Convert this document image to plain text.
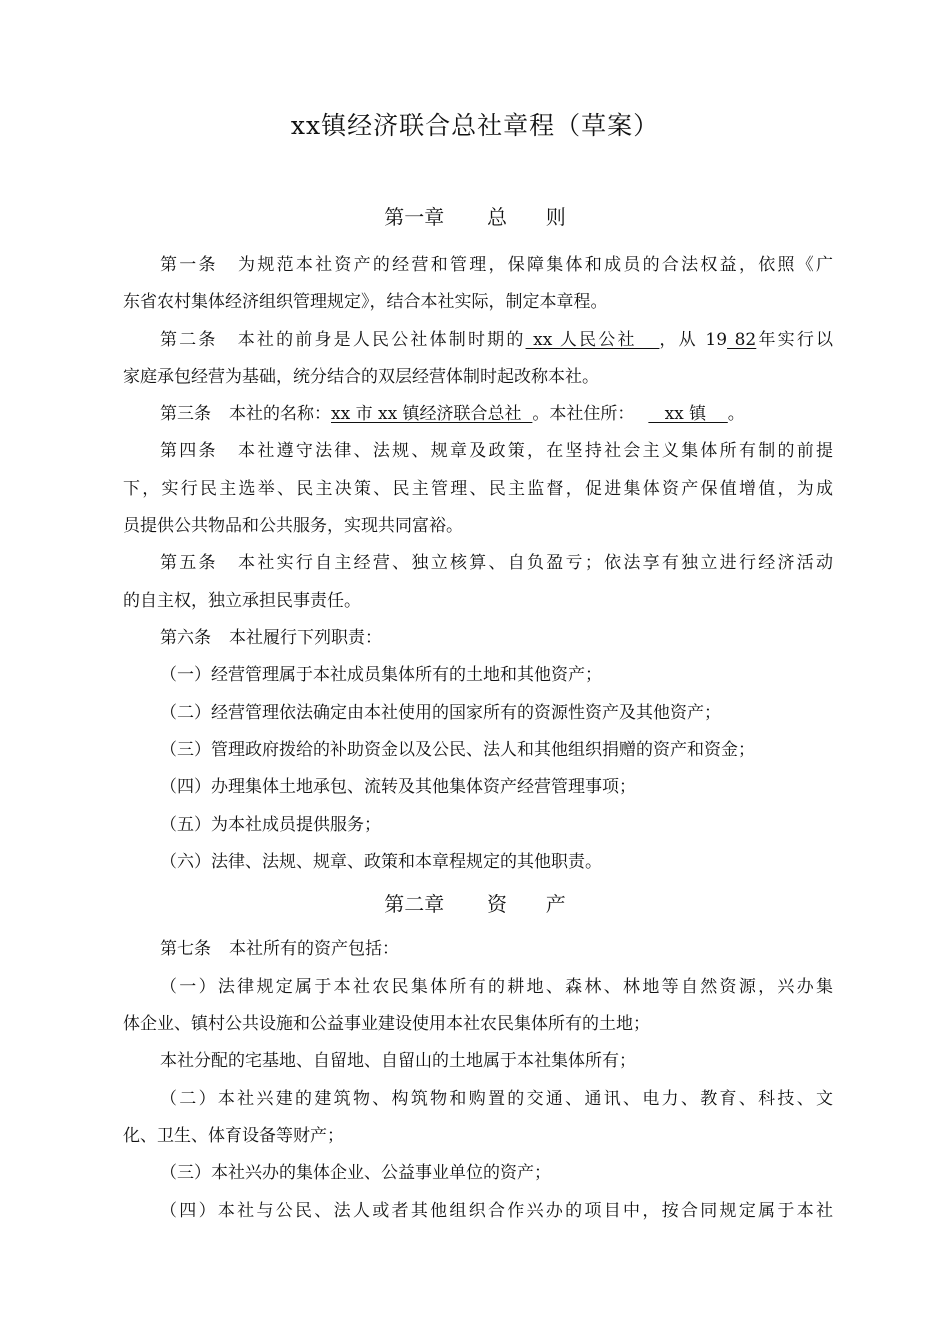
xx镇经济联合总社章程（草案）
第一章 总 则
第一条 为规范本社资产的经营和管理，保障集体和成员的合法权益，依照《广
东省农村集体经济组织管理规定》，结合本社实际，制定本章程。
第二条 本社的前身是人民公社体制时期的 xx 人民公社   ，从 19 82年实行以
家庭承包经营为基础，统分结合的双层经营体制时起改称本社。
第三条 本社的名称：xx 市 xx 镇经济联合总社  。本社住所：   xx 镇    。
第四条 本社遵守法律、法规、规章及政策，在坚持社会主义集体所有制的前提
下，实行民主选举、民主决策、民主管理、民主监督，促进集体资产保值增值，为成
员提供公共物品和公共服务，实现共同富裕。
第五条 本社实行自主经营、独立核算、自负盈亏；依法享有独立进行经济活动
的自主权，独立承担民事责任。
第六条 本社履行下列职责：
（一）经营管理属于本社成员集体所有的土地和其他资产；
（二）经营管理依法确定由本社使用的国家所有的资源性资产及其他资产；
（三）管理政府拨给的补助资金以及公民、法人和其他组织捐赠的资产和资金；
（四）办理集体土地承包、流转及其他集体资产经营管理事项；
（五）为本社成员提供服务；
（六）法律、法规、规章、政策和本章程规定的其他职责。
第二章 资 产
第七条 本社所有的资产包括：
（一）法律规定属于本社农民集体所有的耕地、森林、林地等自然资源，兴办集
体企业、镇村公共设施和公益事业建设使用本社农民集体所有的土地；
本社分配的宅基地、自留地、自留山的土地属于本社集体所有；
（二）本社兴建的建筑物、构筑物和购置的交通、通讯、电力、教育、科技、文
化、卫生、体育设备等财产；
（三）本社兴办的集体企业、公益事业单位的资产；
（四）本社与公民、法人或者其他组织合作兴办的项目中，按合同规定属于本社
